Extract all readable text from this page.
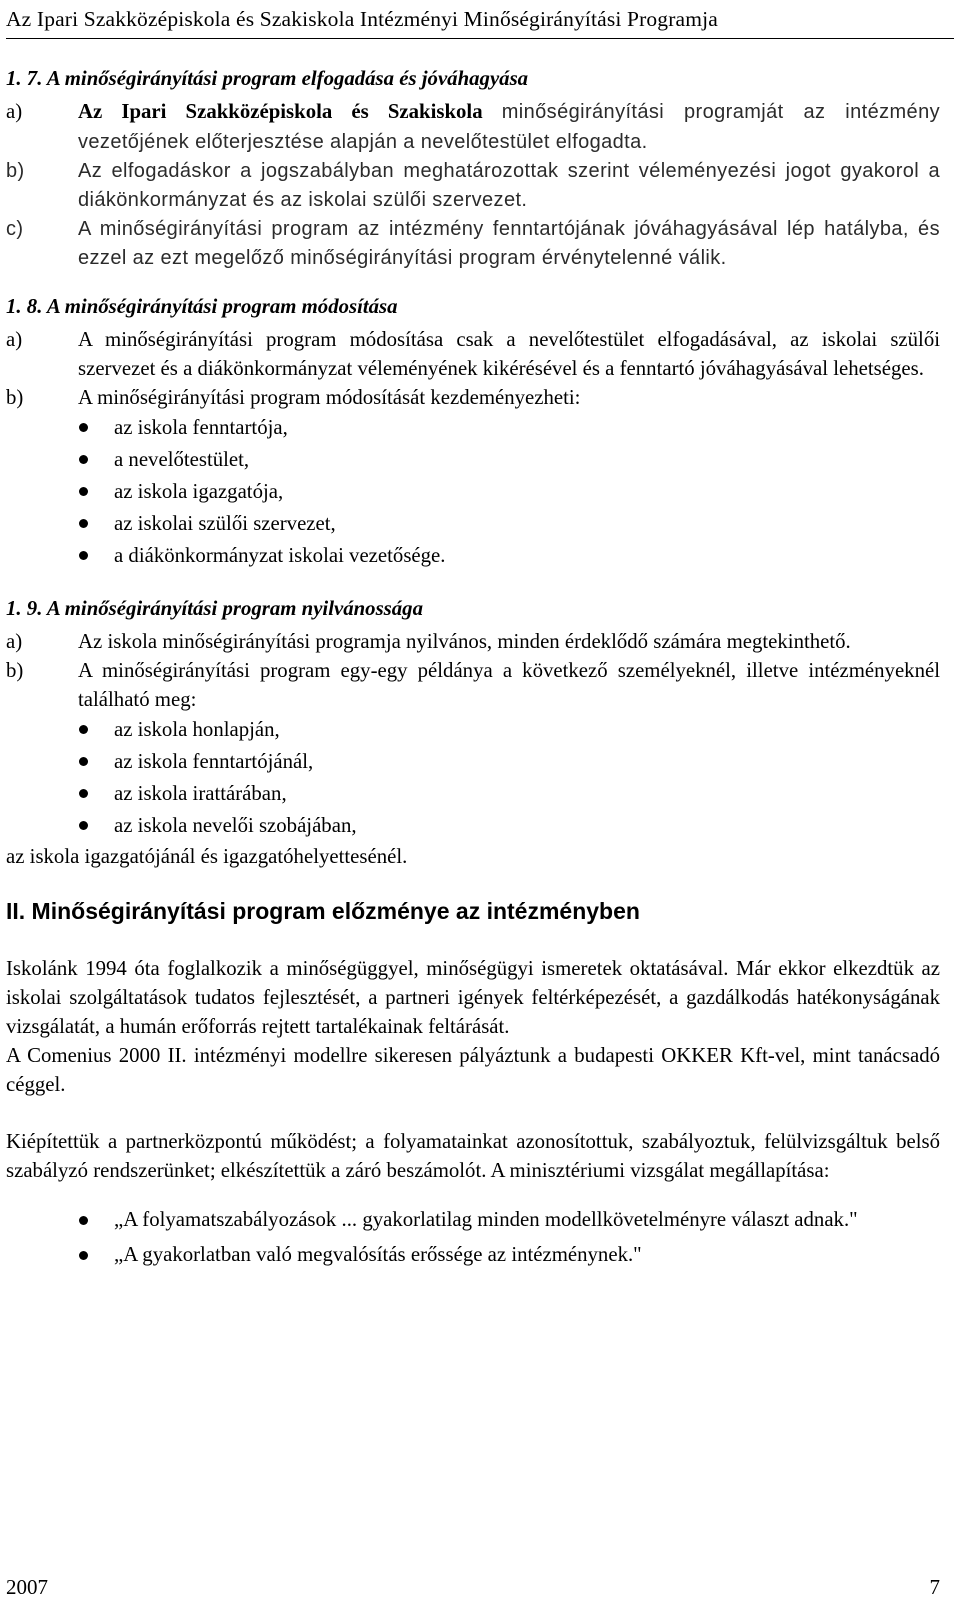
Az Ipari Szakközépiskola és Szakiskola Intézményi Minőségirányítási Programja

1. 7. A minőségirányítási program elfogadása és jóváhagyása

a)	Az Ipari Szakközépiskola és Szakiskola minőségirányítási programját az intézmény vezetőjének előterjesztése alapján a nevelőtestület elfogadta.
b)	Az elfogadáskor a jogszabályban meghatározottak szerint véleményezési jogot gyakorol a diákönkormányzat és az iskolai szülői szervezet.
c)	A minőségirányítási program az intézmény fenntartójának jóváhagyásával lép hatályba, és ezzel az ezt megelőző minőségirányítási program érvénytelenné válik.

1. 8. A minőségirányítási program módosítása

a)	A minőségirányítási program módosítása csak a nevelőtestület elfogadásával, az iskolai szülői szervezet és a diákönkormányzat véleményének kikérésével és a fenntartó jóváhagyásával lehetséges.
b)	A minőségirányítási program módosítását kezdeményezheti:
az iskola fenntartója,
a nevelőtestület,
az iskola igazgatója,
az iskolai szülői szervezet,
a diákönkormányzat iskolai vezetősége.

1. 9. A minőségirányítási program nyilvánossága

a)	Az iskola minőségirányítási programja nyilvános, minden érdeklődő számára megtekinthető.
b)	A minőségirányítási program egy-egy példánya a következő személyeknél, illetve intézményeknél található meg:
az iskola honlapján,
az iskola fenntartójánál,
az iskola irattárában,
az iskola nevelői szobájában,

az iskola igazgatójánál és igazgatóhelyettesénél.

II. Minőségirányítási program előzménye az intézményben

Iskolánk 1994 óta foglalkozik a minőségüggyel, minőségügyi ismeretek oktatásával. Már ekkor elkezdtük az iskolai szolgáltatások tudatos fejlesztését, a partneri igények feltérképezését, a gazdálkodás hatékonyságának vizsgálatát, a humán erőforrás rejtett tartalékainak feltárását.

A Comenius 2000 II. intézményi modellre sikeresen pályáztunk a budapesti OKKER Kft-vel, mint tanácsadó céggel.

Kiépítettük a partnerközpontú működést; a folyamatainkat azonosítottuk, szabályoztuk, felülvizsgáltuk belső szabályzó rendszerünket; elkészítettük a záró beszámolót. A minisztériumi vizsgálat megállapítása:

„A folyamatszabályozások ... gyakorlatilag minden modellkövetelményre választ adnak."
„A gyakorlatban való megvalósítás erőssége az intézménynek."
2007	7
